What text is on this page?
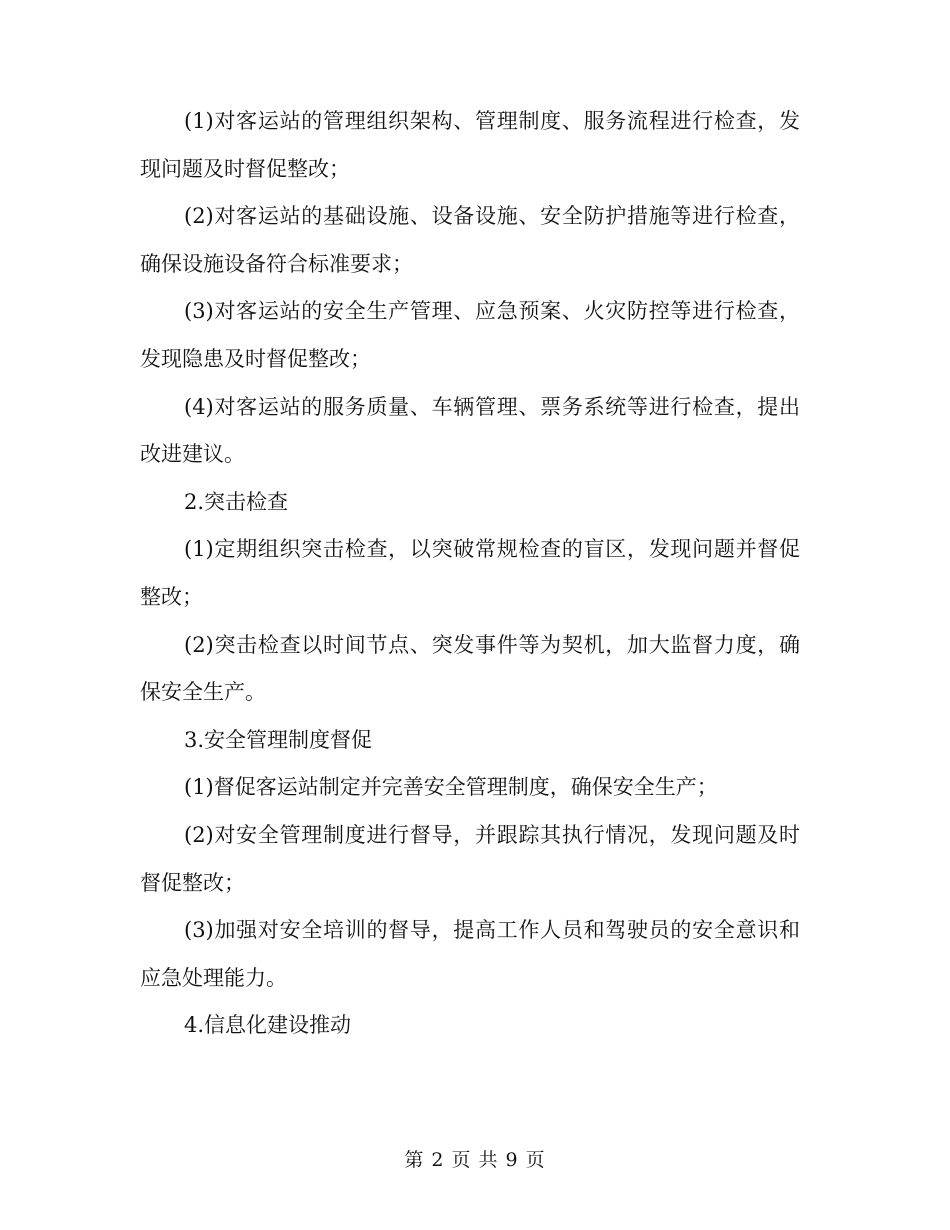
(1)对客运站的管理组织架构、管理制度、服务流程进行检查，发
现问题及时督促整改；
(2)对客运站的基础设施、设备设施、安全防护措施等进行检查，
确保设施设备符合标准要求；
(3)对客运站的安全生产管理、应急预案、火灾防控等进行检查，
发现隐患及时督促整改；
(4)对客运站的服务质量、车辆管理、票务系统等进行检查，提出
改进建议。
2.突击检查
(1)定期组织突击检查，以突破常规检查的盲区，发现问题并督促
整改；
(2)突击检查以时间节点、突发事件等为契机，加大监督力度，确
保安全生产。
3.安全管理制度督促
(1)督促客运站制定并完善安全管理制度，确保安全生产；
(2)对安全管理制度进行督导，并跟踪其执行情况，发现问题及时
督促整改；
(3)加强对安全培训的督导，提高工作人员和驾驶员的安全意识和
应急处理能力。
4.信息化建设推动
第 2 页 共 9 页
